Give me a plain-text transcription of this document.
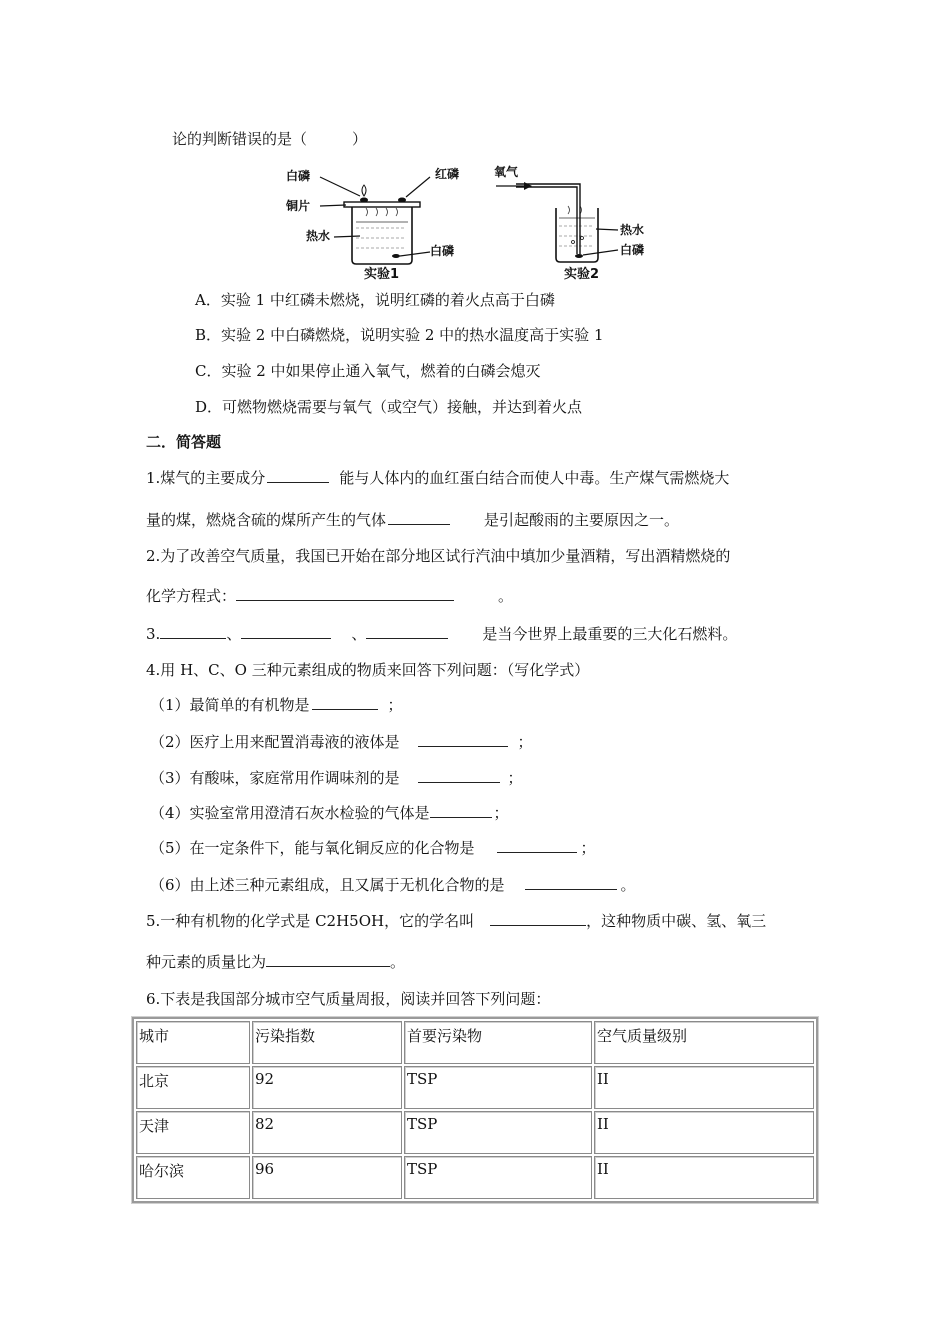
论的判断错误的是（　　　）
白磷	红磷
铜片
热水
白磷
实验1
氧气
热水
白磷
实验2
A．实验 1 中红磷未燃烧，说明红磷的着火点高于白磷
B．实验 2 中白磷燃烧，说明实验 2 中的热水温度高于实验 1
C．实验 2 中如果停止通入氧气，燃着的白磷会熄灭
D．可燃物燃烧需要与氧气（或空气）接触，并达到着火点
二．简答题
1.煤气的主要成分	能与人体内的血红蛋白结合而使人中毒。生产煤气需燃烧大
量的煤，燃烧含硫的煤所产生的气体	是引起酸雨的主要原因之一。
2.为了改善空气质量，我国已开始在部分地区试行汽油中填加少量酒精，写出酒精燃烧的
化学方程式：	。
3.	、	、	是当今世界上最重要的三大化石燃料。
4.用 H、C、O 三种元素组成的物质来回答下列问题：（写化学式）
（1）最简单的有机物是	；
（2）医疗上用来配置消毒液的液体是	；
（3）有酸味，家庭常用作调味剂的是	；
（4）实验室常用澄清石灰水检验的气体是	；
（5）在一定条件下，能与氧化铜反应的化合物是	；
（6）由上述三种元素组成，且又属于无机化合物的是	。
5.一种有机物的化学式是 C2H5OH，它的学名叫	，这种物质中碳、氢、氧三
种元素的质量比为	。
6.下表是我国部分城市空气质量周报，阅读并回答下列问题：
城市	污染指数	首要污染物	空气质量级别
北京	92	TSP	II
天津	82	TSP	II
哈尔滨	96	TSP	II
